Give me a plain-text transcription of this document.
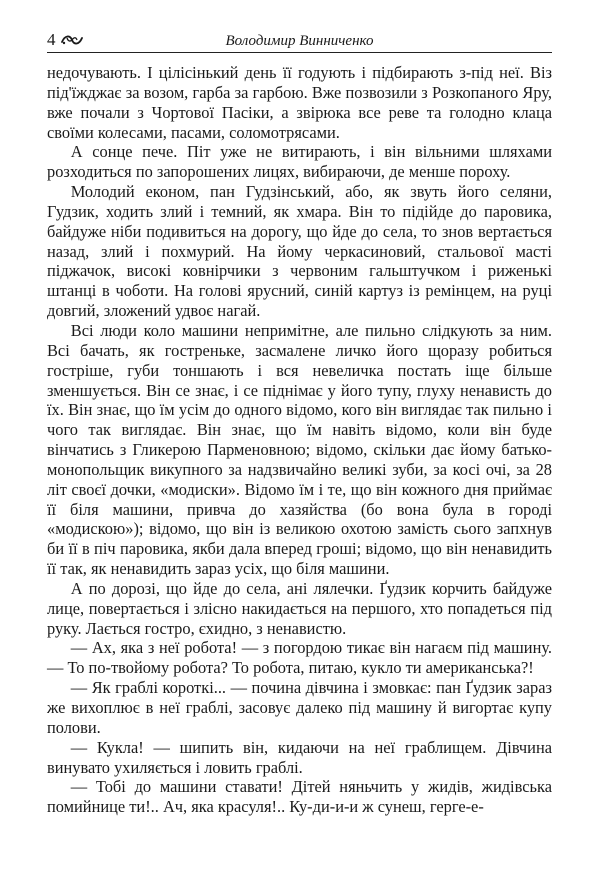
4	Володимир Винниченко

недочувають. І цілісінький день її годують і підбирають з-під неї. Віз під'їжджає за возом, гарба за гарбою. Вже позвозили з Розкопаного Яру, вже почали з Чортової Пасіки, а звірюка все реве та голодно клаца своїми колесами, пасами, соломотрясами.

А сонце пече. Піт уже не витирають, і він вільними шляхами розходиться по запорошених лицях, вибираючи, де менше пороху.

Молодий економ, пан Гудзінський, або, як звуть його селяни, Гудзик, ходить злий і темний, як хмара. Він то підійде до паровика, байдуже ніби подивиться на дорогу, що йде до села, то знов вертається назад, злий і похмурий. На йому черкасиновий, стальової масті піджачок, високі ковнірчики з червоним гальштучком і риженькі штанці в чоботи. На голові ярусний, синій картуз із ремінцем, на руці довгий, зложений удвоє нагай.

Всі люди коло машини непримітне, але пильно слідкують за ним. Всі бачать, як гостреньке, засмалене личко його щоразу робиться гостріше, губи тоншають і вся невеличка постать іще більше зменшується. Він се знає, і се піднімає у його тупу, глуху ненависть до їх. Він знає, що їм усім до одного відомо, кого він виглядає так пильно і чого так виглядає. Він знає, що їм навіть відомо, коли він буде вінчатись з Гликерою Парменовною; відомо, скільки дає йому батько-монопольщик викупного за надзвичайно великі зуби, за косі очі, за 28 літ своєї дочки, «модиски». Відомо їм і те, що він кожного дня приймає її біля машини, привча до хазяйства (бо вона була в городі «модискою»); відомо, що він із великою охотою замість сього запхнув би її в піч паровика, якби дала вперед гроші; відомо, що він ненавидить її так, як ненавидить зараз усіх, що біля машини.

А по дорозі, що йде до села, ані лялечки. Ґудзик корчить байдуже лице, повертається і злісно накидається на першого, хто попадеться під руку. Лається гостро, єхидно, з ненавистю.

— Ах, яка з неї робота! — з погордою тикає він нагаєм під машину. — То по-твойому робота? То робота, питаю, кукло ти американська?!

— Як граблі короткі... — почина дівчина і змовкає: пан Ґудзик зараз же вихоплює в неї граблі, засовує далеко під машину й вигортає купу полови.

— Кукла! — шипить він, кидаючи на неї граблищем. Дівчина винувато ухиляється і ловить граблі.

— Тобі до машини ставати! Дітей няньчить у жидів, жидівська помийнице ти!.. Ач, яка красуля!.. Ку-ди-и-и ж сунеш, герге-е-
